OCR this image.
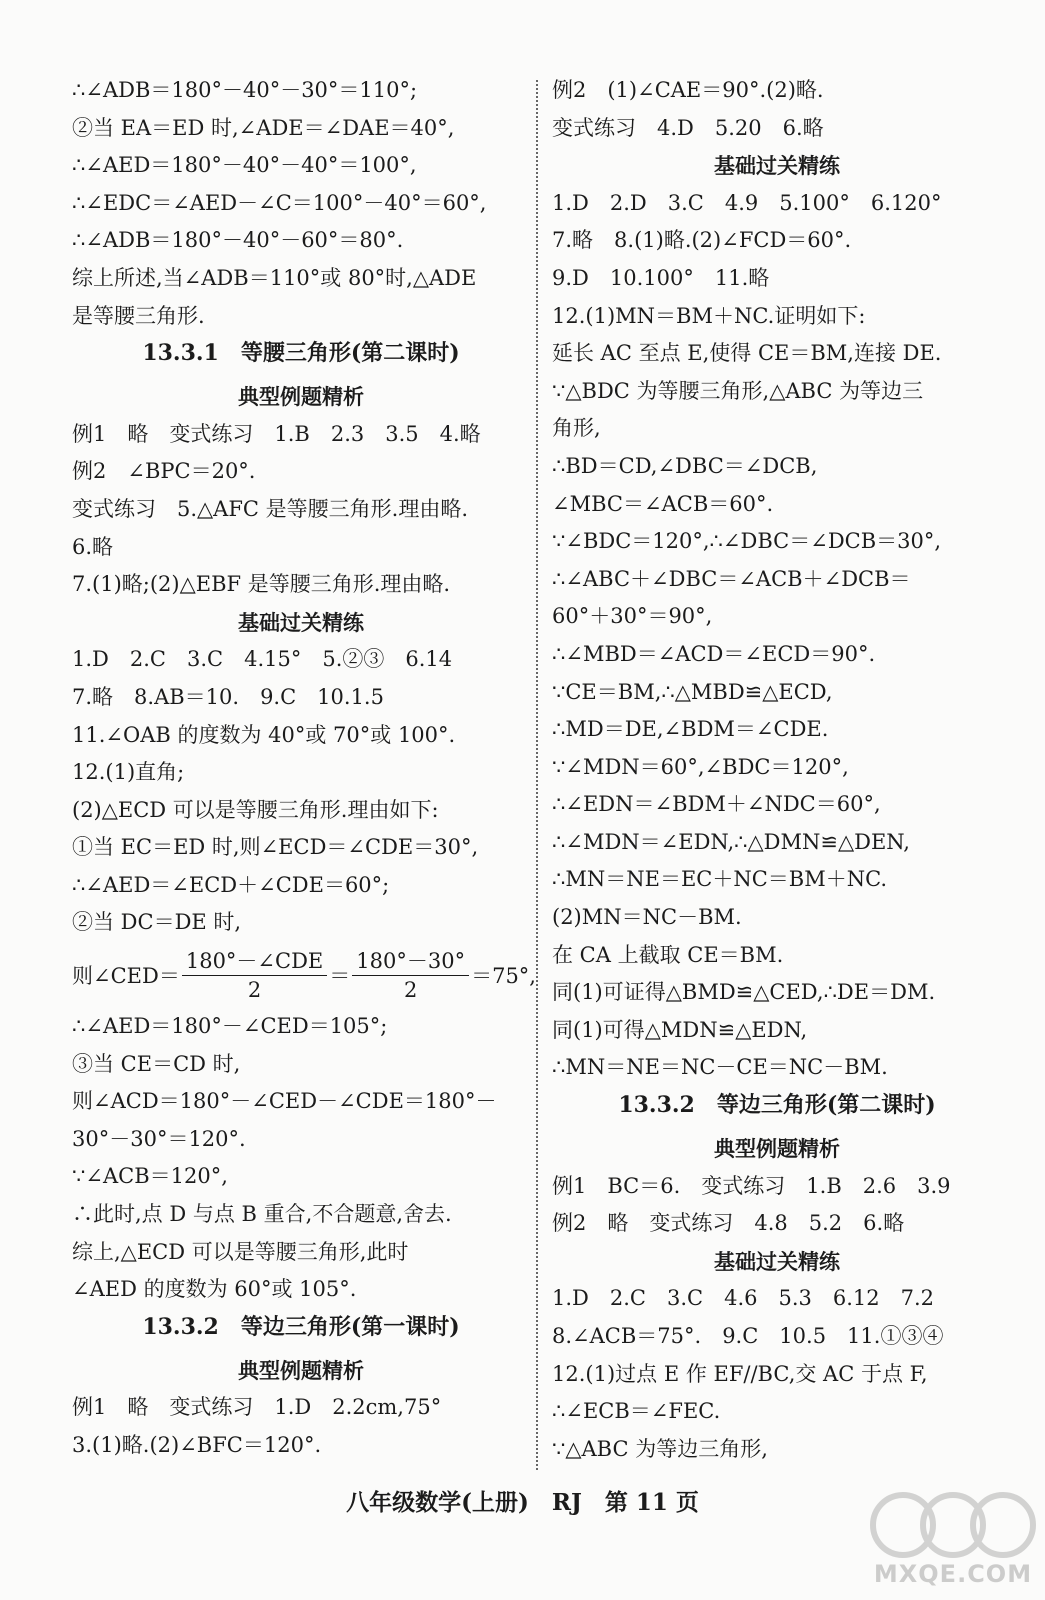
∴∠ADB＝180°－40°－30°＝110°;
②当 EA＝ED 时,∠ADE＝∠DAE＝40°,
∴∠AED＝180°－40°－40°＝100°,
∴∠EDC＝∠AED－∠C＝100°－40°＝60°,
∴∠ADB＝180°－40°－60°＝80°.
综上所述,当∠ADB＝110°或 80°时,△ADE
是等腰三角形.
13.3.1　等腰三角形(第二课时)
典型例题精析
例1　略　变式练习　1.B　2.3　3.5　4.略
例2　∠BPC＝20°.
变式练习　5.△AFC 是等腰三角形.理由略.
6.略
7.(1)略;(2)△EBF 是等腰三角形.理由略.
基础过关精练
1.D　2.C　3.C　4.15°　5.②③　6.14
7.略　8.AB＝10.　9.C　10.1.5
11.∠OAB 的度数为 40°或 70°或 100°.
12.(1)直角;
(2)△ECD 可以是等腰三角形.理由如下:
①当 EC＝ED 时,则∠ECD＝∠CDE＝30°,
∴∠AED＝∠ECD＋∠CDE＝60°;
②当 DC＝DE 时,
则∠CED＝ $\frac{\text{180°－∠CDE}}{2} = \frac{180^\circ-30^\circ}{2} =75^\circ$,
∴∠AED＝180°－∠CED＝105°;
③当 CE＝CD 时,
则∠ACD＝180°－∠CED－∠CDE＝180°－
30°－30°＝120°.
∵∠ACB＝120°,
∴此时,点 D 与点 B 重合,不合题意,舍去.
综上,△ECD 可以是等腰三角形,此时
∠AED 的度数为 60°或 105°.
13.3.2　等边三角形(第一课时)
典型例题精析
例1　略　变式练习　1.D　2.2cm,75°
3.(1)略.(2)∠BFC＝120°.
例2　(1)∠CAE＝90°.(2)略.
变式练习　4.D　5.20　6.略
基础过关精练
1.D　2.D　3.C　4.9　5.100°　6.120°
7.略　8.(1)略.(2)∠FCD＝60°.
9.D　10.100°　11.略
12.(1)MN＝BM＋NC.证明如下:
延长 AC 至点 E,使得 CE＝BM,连接 DE.
∵△BDC 为等腰三角形,△ABC 为等边三
角形,
∴BD＝CD,∠DBC＝∠DCB,
∠MBC＝∠ACB＝60°.
∵∠BDC＝120°,∴∠DBC＝∠DCB＝30°,
∴∠ABC＋∠DBC＝∠ACB＋∠DCB＝
60°＋30°＝90°,
∴∠MBD＝∠ACD＝∠ECD＝90°.
∵CE＝BM,∴△MBD≌△ECD,
∴MD＝DE,∠BDM＝∠CDE.
∵∠MDN＝60°,∠BDC＝120°,
∴∠EDN＝∠BDM＋∠NDC＝60°,
∴∠MDN＝∠EDN,∴△DMN≌△DEN,
∴MN＝NE＝EC＋NC＝BM＋NC.
(2)MN＝NC－BM.
在 CA 上截取 CE＝BM.
同(1)可证得△BMD≌△CED,∴DE＝DM.
同(1)可得△MDN≌△EDN,
∴MN＝NE＝NC－CE＝NC－BM.
13.3.2　等边三角形(第二课时)
典型例题精析
例1　BC＝6.　变式练习　1.B　2.6　3.9
例2　略　变式练习　4.8　5.2　6.略
基础过关精练
1.D　2.C　3.C　4.6　5.3　6.12　7.2
8.∠ACB＝75°.　9.C　10.5　11.①③④
12.(1)过点 E 作 EF//BC,交 AC 于点 F,
∴∠ECB＝∠FEC.
∵△ABC 为等边三角形,
八年级数学(上册)　RJ　第 11 页
MXQE.COM
